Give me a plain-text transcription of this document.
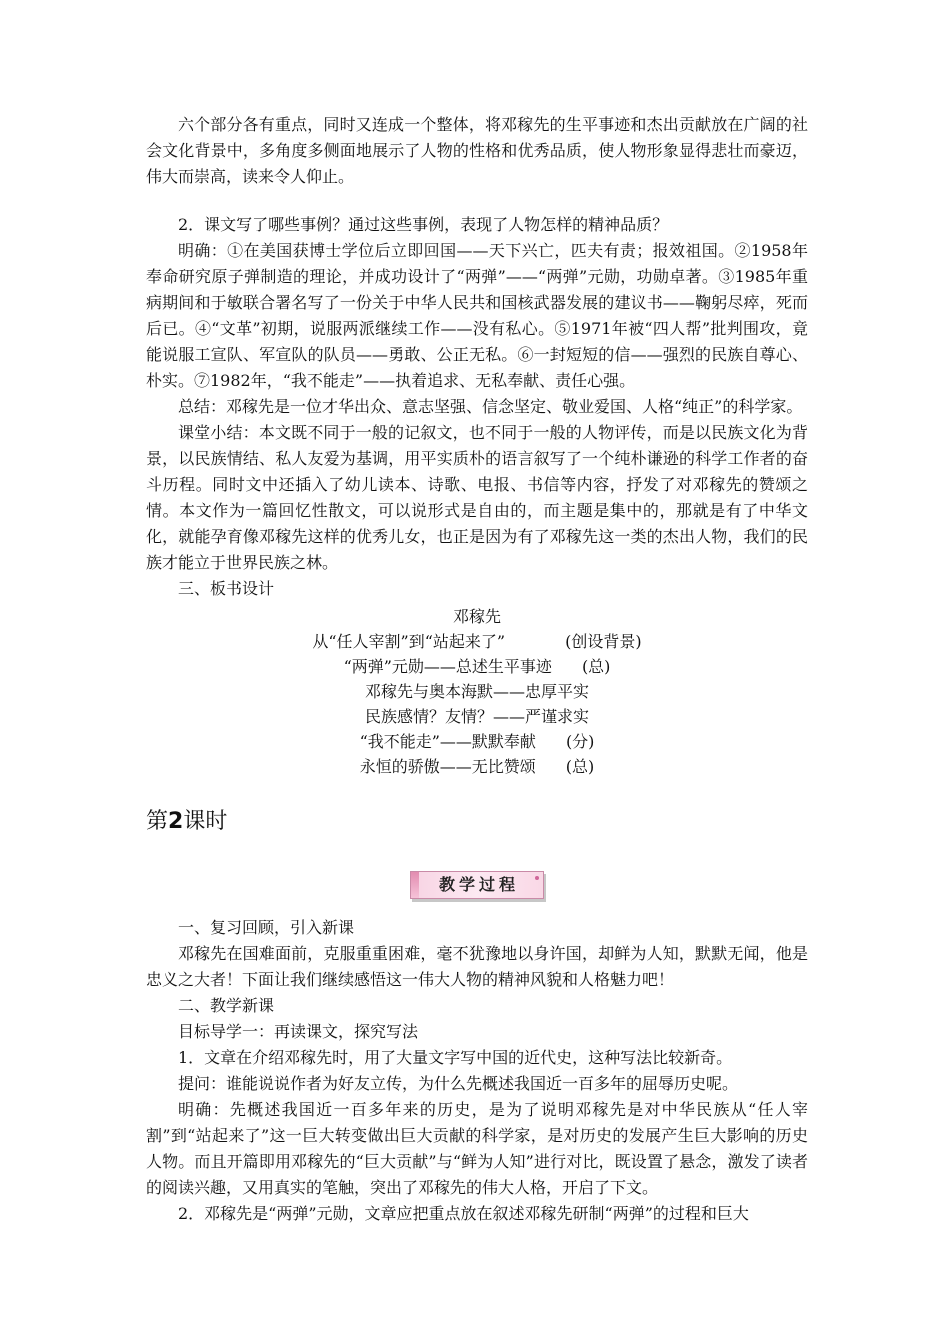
六个部分各有重点，同时又连成一个整体，将邓稼先的生平事迹和杰出贡献放在广阔的社会文化背景中，多角度多侧面地展示了人物的性格和优秀品质，使人物形象显得悲壮而豪迈，伟大而崇高，读来令人仰止。

2．课文写了哪些事例？通过这些事例，表现了人物怎样的精神品质？

明确：①在美国获博士学位后立即回国——天下兴亡，匹夫有责；报效祖国。②1958年奉命研究原子弹制造的理论，并成功设计了“两弹”——“两弹”元勋，功勋卓著。③1985年重病期间和于敏联合署名写了一份关于中华人民共和国核武器发展的建议书——鞠躬尽瘁，死而后已。④“文革”初期，说服两派继续工作——没有私心。⑤1971年被“四人帮”批判围攻，竟能说服工宣队、军宣队的队员——勇敢、公正无私。⑥一封短短的信——强烈的民族自尊心、朴实。⑦1982年，“我不能走”——执着追求、无私奉献、责任心强。

总结：邓稼先是一位才华出众、意志坚强、信念坚定、敬业爱国、人格“纯正”的科学家。

课堂小结：本文既不同于一般的记叙文，也不同于一般的人物评传，而是以民族文化为背景，以民族情结、私人友爱为基调，用平实质朴的语言叙写了一个纯朴谦逊的科学工作者的奋斗历程。同时文中还插入了幼儿读本、诗歌、电报、书信等内容，抒发了对邓稼先的赞颂之情。本文作为一篇回忆性散文，可以说形式是自由的，而主题是集中的，那就是有了中华文化，就能孕育像邓稼先这样的优秀儿女，也正是因为有了邓稼先这一类的杰出人物，我们的民族才能立于世界民族之林。

三、板书设计

邓稼先
从“任人宰割”到“站起来了”	(创设背景)
“两弹”元勋——总述生平事迹 (总)
邓稼先与奥本海默——忠厚平实
民族感情？友情？——严谨求实
“我不能走”——默默奉献 (分)
永恒的骄傲——无比赞颂 (总)
第2课时
教学过程

一、复习回顾，引入新课

邓稼先在国难面前，克服重重困难，毫不犹豫地以身许国，却鲜为人知，默默无闻，他是忠义之大者！下面让我们继续感悟这一伟大人物的精神风貌和人格魅力吧！

二、教学新课

目标导学一：再读课文，探究写法

1．文章在介绍邓稼先时，用了大量文字写中国的近代史，这种写法比较新奇。

提问：谁能说说作者为好友立传，为什么先概述我国近一百多年的屈辱历史呢。

明确：先概述我国近一百多年来的历史，是为了说明邓稼先是对中华民族从“任人宰割”到“站起来了”这一巨大转变做出巨大贡献的科学家，是对历史的发展产生巨大影响的历史人物。而且开篇即用邓稼先的“巨大贡献”与“鲜为人知”进行对比，既设置了悬念，激发了读者的阅读兴趣，又用真实的笔触，突出了邓稼先的伟大人格，开启了下文。

2．邓稼先是“两弹”元勋，文章应把重点放在叙述邓稼先研制“两弹”的过程和巨大
